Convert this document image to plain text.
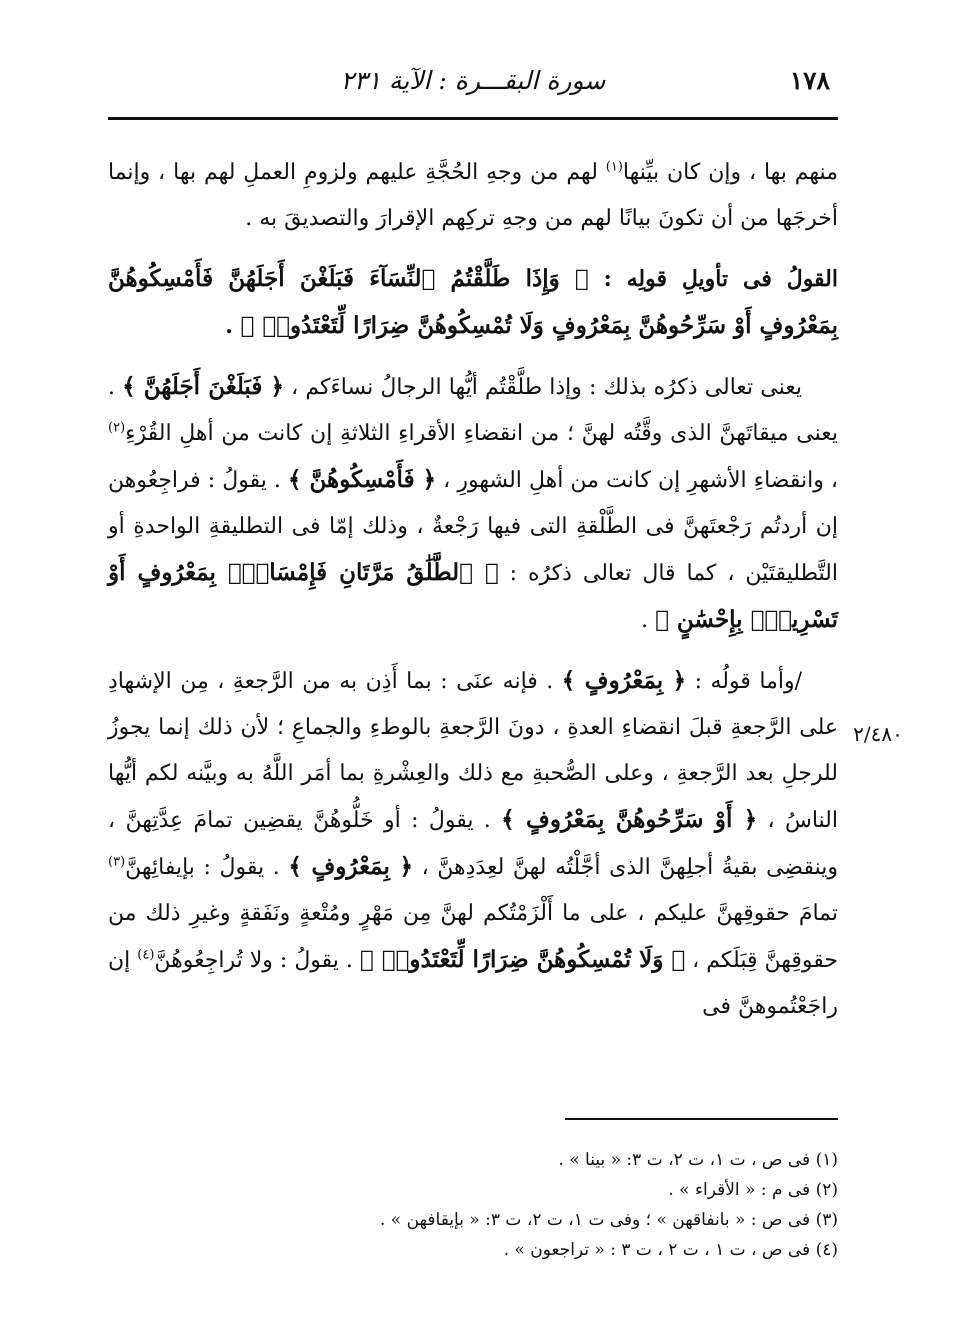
١٧٨
سورة البقـــرة : الآية ٢٣١
٢/٤٨٠

منهم بها ، وإن كان بيِّنها$^{(١)}$ لهم من وجهِ الحُجَّةِ عليهم ولزومِ العملِ لهم بها ، وإنما أخرجَها من أن تكونَ بيانًا لهم من وجهِ تركِهم الإقرارَ والتصديقَ به .

القولُ فى تأويلِ قولِه : ﴿ وَإِذَا طَلَّقْتُمُ ٱلنِّسَآءَ فَبَلَغْنَ أَجَلَهُنَّ فَأَمْسِكُوهُنَّ بِمَعْرُوفٍ أَوْ سَرِّحُوهُنَّ بِمَعْرُوفٍ وَلَا تُمْسِكُوهُنَّ ضِرَارًا لِّتَعْتَدُوا۟ ﴾ .

يعنى تعالى ذكرُه بذلك : وإذا طلَّقْتُم أيُّها الرجالُ نساءَكم ، ﴿ فَبَلَغْنَ أَجَلَهُنَّ ﴾ . يعنى ميقاتَهنَّ الذى وقَّتُه لهنَّ ؛ من انقضاءِ الأقراءِ الثلاثةِ إن كانت من أهلِ القُرْءِ$^{(٢)}$ ، وانقضاءِ الأشهرِ إن كانت من أهلِ الشهورِ ، ﴿ فَأَمْسِكُوهُنَّ ﴾ . يقولُ : فراجِعُوهن إن أردتُم رَجْعتَهنَّ فى الطَّلْقةِ التى فيها رَجْعةٌ ، وذلك إمّا فى التطليقةِ الواحدةِ أو التَّطليقتَيْن ، كما قال تعالى ذكرُه : ﴿ ٱلطَّلَٰقُ مَرَّتَانِ فَإِمْسَاكٌۢ بِمَعْرُوفٍ أَوْ تَسْرِيحٌۢ بِإِحْسَٰنٍ ﴾ .

/وأما قولُه : ﴿ بِمَعْرُوفٍ ﴾ . فإنه عنَى : بما أَذِن به من الرَّجعةِ ، مِن الإشهادِ على الرَّجعةِ قبلَ انقضاءِ العدةِ ، دونَ الرَّجعةِ بالوطءِ والجماعِ ؛ لأن ذلك إنما يجوزُ للرجلِ بعد الرَّجعةِ ، وعلى الصُّحبةِ مع ذلك والعِشْرةِ بما أمَر اللَّهُ به وبيَّنه لكم أيُّها الناسُ ، ﴿ أَوْ سَرِّحُوهُنَّ بِمَعْرُوفٍ ﴾ . يقولُ : أو خَلُّوهُنَّ يقضِين تمامَ عِدَّتِهنَّ ، وينقضِى بقيةُ أجلِهنَّ الذى أجَّلْتُه لهنَّ لعِدَدِهنَّ ، ﴿ بِمَعْرُوفٍ ﴾ . يقولُ : بإيفائِهنَّ$^{(٣)}$ تمامَ حقوقِهنَّ عليكم ، على ما أَلْزَمْتُكم لهنَّ مِن مَهْرٍ ومُتْعةٍ ونَفَقةٍ وغيرِ ذلك من حقوقِهنَّ قِبَلَكم ، ﴿ وَلَا تُمْسِكُوهُنَّ ضِرَارًا لِّتَعْتَدُوا۟ ﴾ . يقولُ : ولا تُراجِعُوهُنَّ$^{(٤)}$ إن راجَعْتُموهنَّ فى

(١) فى ص ، ت ١، ت ٢، ت ٣: « بينا » .

(٢) فى م : « الأقراء » .

(٣) فى ص : « بانفاقهن » ؛ وفى ت ١، ت ٢، ت ٣: « بإيقافهن » .

(٤) فى ص ، ت ١ ، ت ٢ ، ت ٣ : « تراجعون » .
